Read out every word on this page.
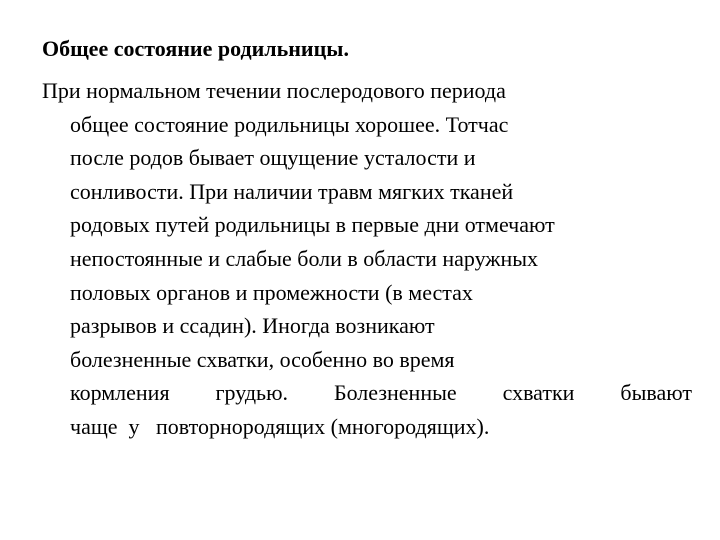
Общее состояние родильницы.
При нормальном течении послеродового периода
общее состояние родильницы хорошее. Тотчас
после родов бывает ощущение усталости и
сонливости. При наличии травм мягких тканей
родовых путей родильницы в первые дни отмечают
непостоянные и слабые боли в области наружных
половых органов и промежности (в местах
разрывов и ссадин). Иногда возникают
болезненные схватки, особенно во время
кормления грудью. Болезненные схватки бывают
чаще  у   повторнородящих (многородящих).
